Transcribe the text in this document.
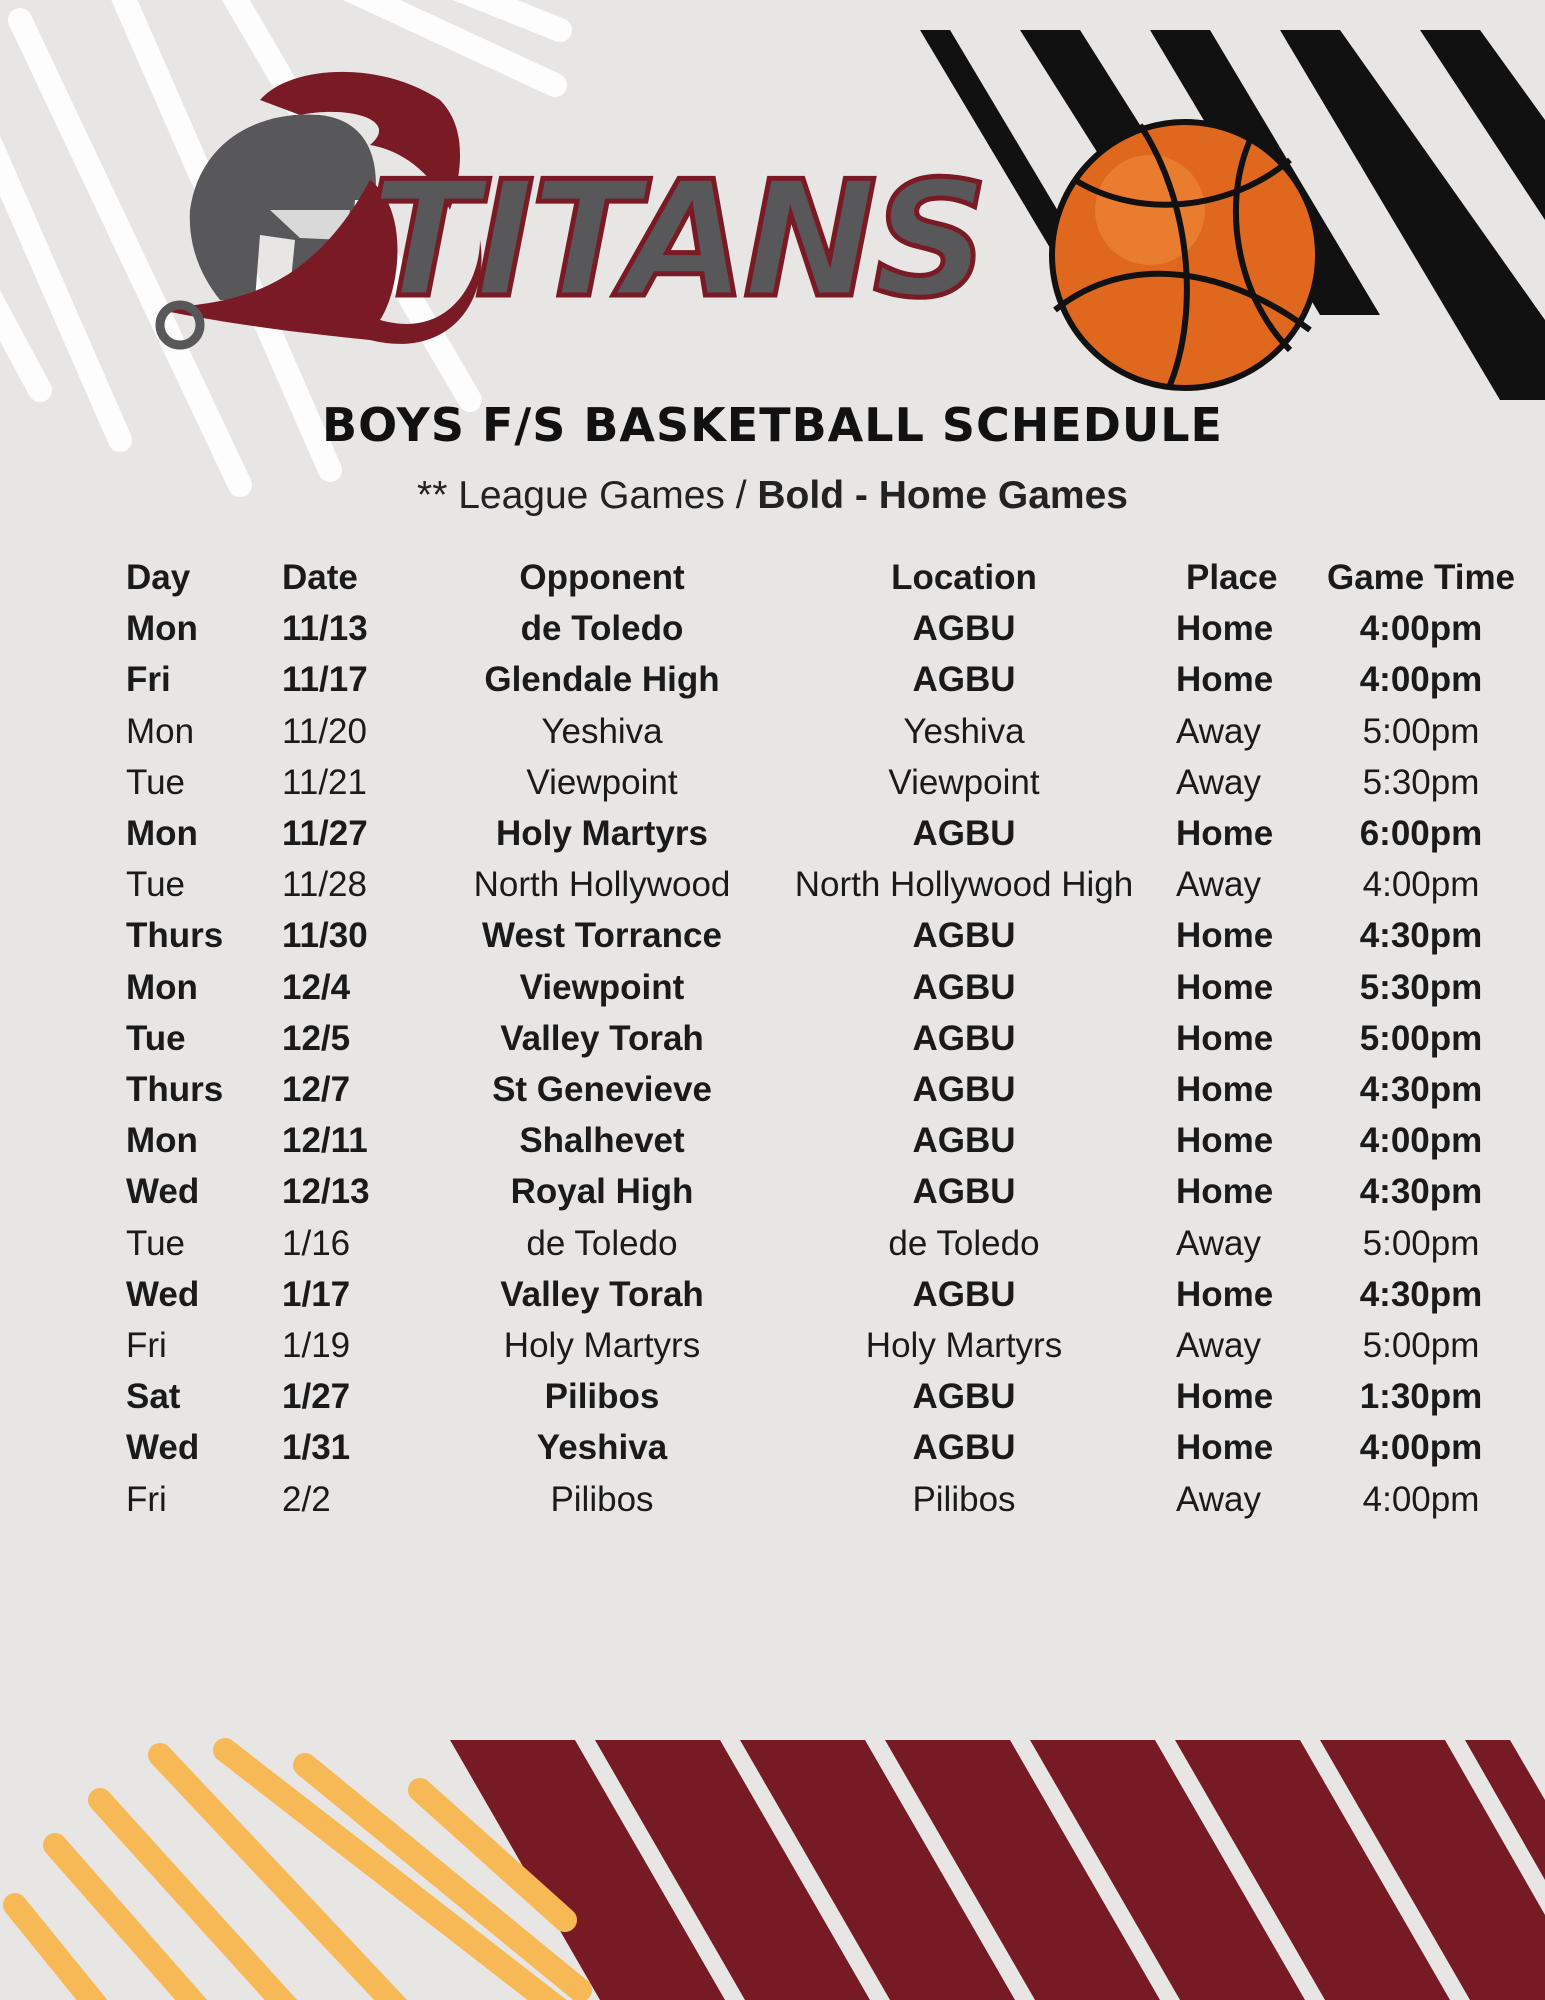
TITANS
BOYS F/S BASKETBALL SCHEDULE
** League Games / Bold - Home Games
Day	Date	Opponent	Location	Place	Game Time
Mon	11/13	de Toledo	AGBU	Home	4:00pm
Fri	11/17	Glendale High	AGBU	Home	4:00pm
Mon	11/20	Yeshiva	Yeshiva	Away	5:00pm
Tue	11/21	Viewpoint	Viewpoint	Away	5:30pm
Mon	11/27	Holy Martyrs	AGBU	Home	6:00pm
Tue	11/28	North Hollywood	North Hollywood High	Away	4:00pm
Thurs	11/30	West Torrance	AGBU	Home	4:30pm
Mon	12/4	Viewpoint	AGBU	Home	5:30pm
Tue	12/5	Valley Torah	AGBU	Home	5:00pm
Thurs	12/7	St Genevieve	AGBU	Home	4:30pm
Mon	12/11	Shalhevet	AGBU	Home	4:00pm
Wed	12/13	Royal High	AGBU	Home	4:30pm
Tue	1/16	de Toledo	de Toledo	Away	5:00pm
Wed	1/17	Valley Torah	AGBU	Home	4:30pm
Fri	1/19	Holy Martyrs	Holy Martyrs	Away	5:00pm
Sat	1/27	Pilibos	AGBU	Home	1:30pm
Wed	1/31	Yeshiva	AGBU	Home	4:00pm
Fri	2/2	Pilibos	Pilibos	Away	4:00pm
